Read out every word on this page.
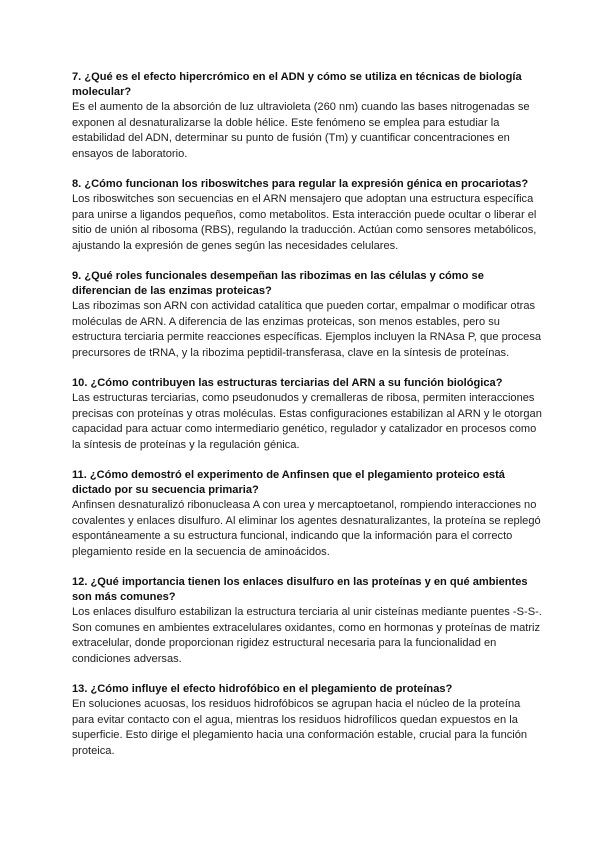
7. ¿Qué es el efecto hipercrómico en el ADN y cómo se utiliza en técnicas de biología molecular?

Es el aumento de la absorción de luz ultravioleta (260 nm) cuando las bases nitrogenadas se exponen al desnaturalizarse la doble hélice. Este fenómeno se emplea para estudiar la estabilidad del ADN, determinar su punto de fusión (Tm) y cuantificar concentraciones en ensayos de laboratorio.

8. ¿Cómo funcionan los riboswitches para regular la expresión génica en procariotas?

Los riboswitches son secuencias en el ARN mensajero que adoptan una estructura específica para unirse a ligandos pequeños, como metabolitos. Esta interacción puede ocultar o liberar el sitio de unión al ribosoma (RBS), regulando la traducción. Actúan como sensores metabólicos, ajustando la expresión de genes según las necesidades celulares.

9. ¿Qué roles funcionales desempeñan las ribozimas en las células y cómo se diferencian de las enzimas proteicas?

Las ribozimas son ARN con actividad catalítica que pueden cortar, empalmar o modificar otras moléculas de ARN. A diferencia de las enzimas proteicas, son menos estables, pero su estructura terciaria permite reacciones específicas. Ejemplos incluyen la RNAsa P, que procesa precursores de tRNA, y la ribozima peptidil-transferasa, clave en la síntesis de proteínas.

10. ¿Cómo contribuyen las estructuras terciarias del ARN a su función biológica?

Las estructuras terciarias, como pseudonudos y cremalleras de ribosa, permiten interacciones precisas con proteínas y otras moléculas. Estas configuraciones estabilizan al ARN y le otorgan capacidad para actuar como intermediario genético, regulador y catalizador en procesos como la síntesis de proteínas y la regulación génica.

11. ¿Cómo demostró el experimento de Anfinsen que el plegamiento proteico está dictado por su secuencia primaria?

Anfinsen desnaturalizó ribonucleasa A con urea y mercaptoetanol, rompiendo interacciones no covalentes y enlaces disulfuro. Al eliminar los agentes desnaturalizantes, la proteína se replegó espontáneamente a su estructura funcional, indicando que la información para el correcto plegamiento reside en la secuencia de aminoácidos.

12. ¿Qué importancia tienen los enlaces disulfuro en las proteínas y en qué ambientes son más comunes?

Los enlaces disulfuro estabilizan la estructura terciaria al unir cisteínas mediante puentes -S-S-. Son comunes en ambientes extracelulares oxidantes, como en hormonas y proteínas de matriz extracelular, donde proporcionan rigidez estructural necesaria para la funcionalidad en condiciones adversas.

13. ¿Cómo influye el efecto hidrofóbico en el plegamiento de proteínas?

En soluciones acuosas, los residuos hidrofóbicos se agrupan hacia el núcleo de la proteína para evitar contacto con el agua, mientras los residuos hidrofílicos quedan expuestos en la superficie. Esto dirige el plegamiento hacia una conformación estable, crucial para la función proteica.
